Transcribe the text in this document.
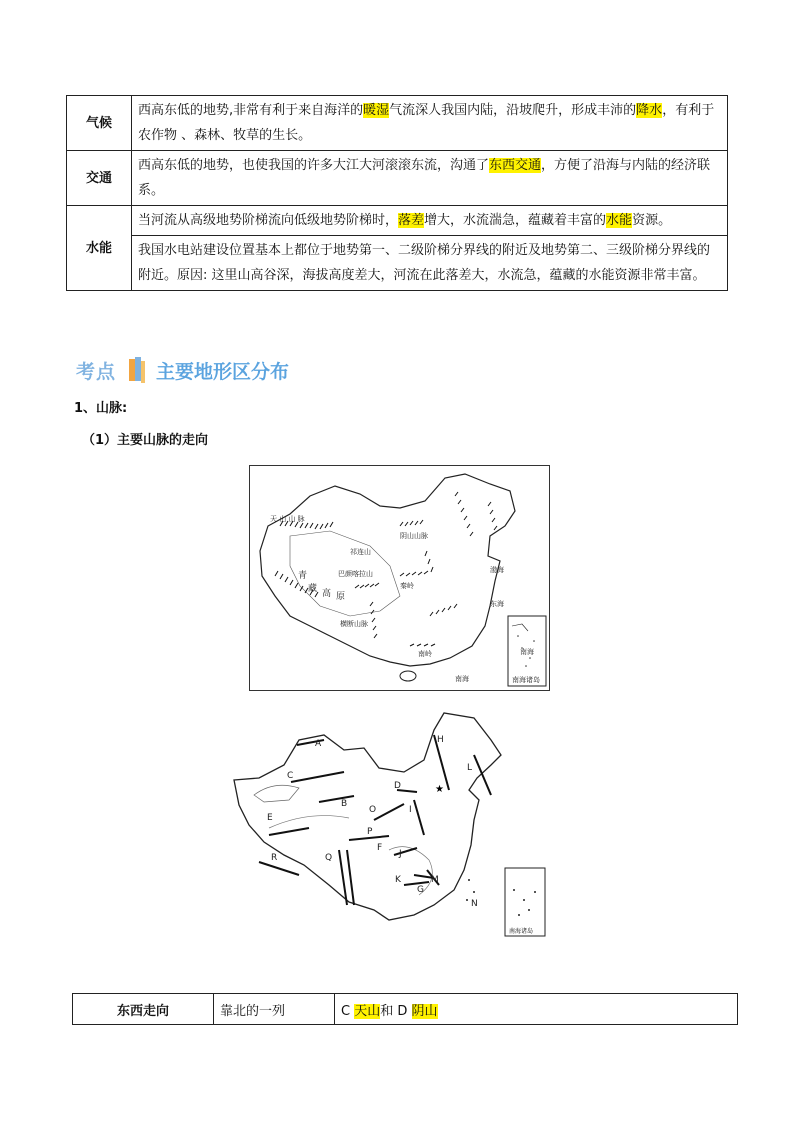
气候	西高东低的地势,非常有利于来自海洋的暖湿气流深人我国内陆，沿坡爬升，形成丰沛的降水，有利于农作物 、森林、牧草的生长。
交通	西高东低的地势，也使我国的许多大江大河滚滚东流，沟通了东西交通，方便了沿海与内陆的经济联系。
水能	当河流从高级地势阶梯流向低级地势阶梯时，落差增大，水流湍急，蕴藏着丰富的水能资源。
	我国水电站建设位置基本上都位于地势第一、二级阶梯分界线的附近及地势第二、三级阶梯分界线的附近。原因: 这里山高谷深，海拔高度差大，河流在此落差大，水流急，蕴藏的水能资源非常丰富。
考点 主要地形区分布
1、山脉:
（1）主要山脉的走向
天 山 山 脉
青
藏 高 原
阴山山脉
祁连山
巴颜喀拉山
秦岭
横断山脉
南岭
渤海
东海
南海
南海
南海诸岛
★
南海诸岛
A
B
C
D
E
F
G
H
I
J
K
L
M
N
O
P
Q
R
东西走向	靠北的一列	C 天山和 D 阴山
